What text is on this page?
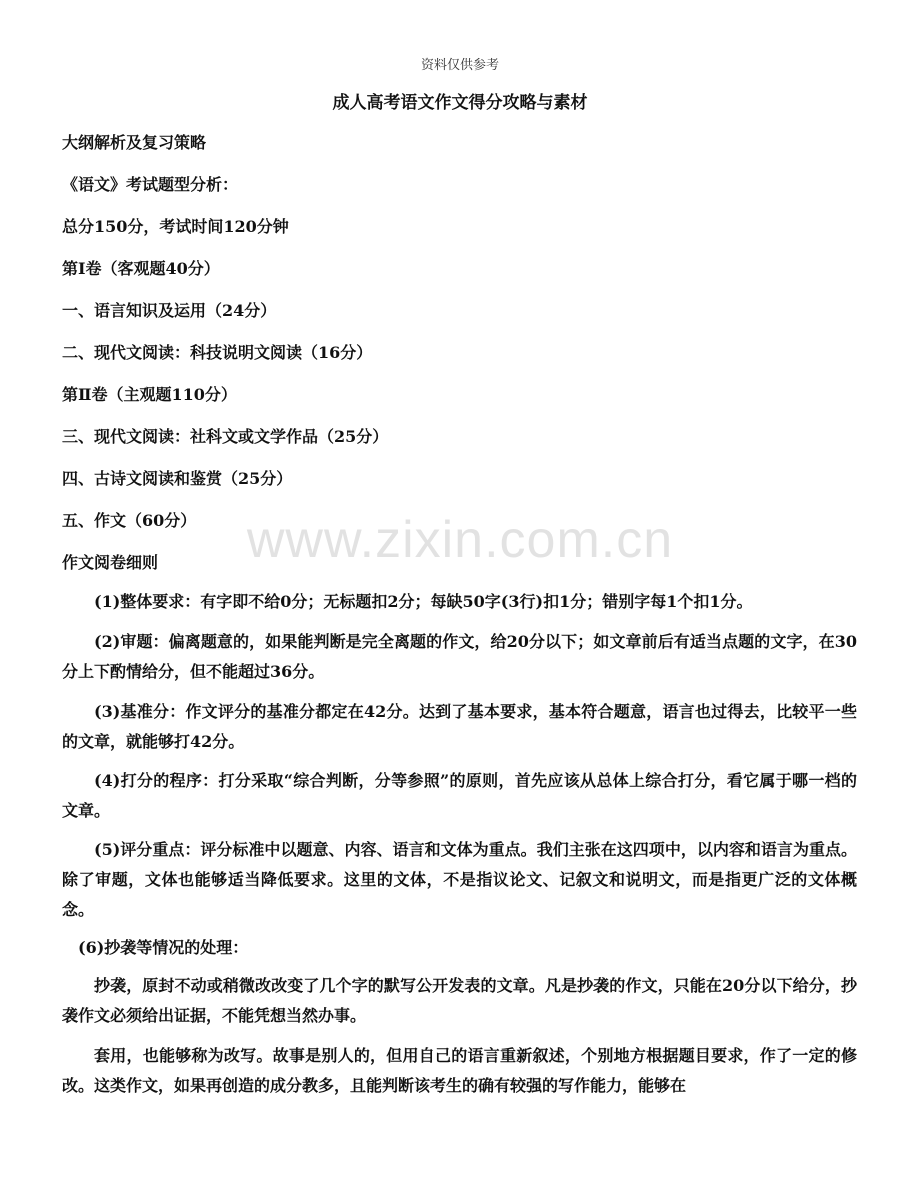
资料仅供参考
成人高考语文作文得分攻略与素材
大纲解析及复习策略
《语文》考试题型分析：
总分150分，考试时间120分钟
第Ⅰ卷（客观题40分）
一、语言知识及运用（24分）
二、现代文阅读：科技说明文阅读（16分）
第Ⅱ卷（主观题110分）
三、现代文阅读：社科文或文学作品（25分）
四、古诗文阅读和鉴赏（25分）
五、作文（60分）
作文阅卷细则
(1)整体要求：有字即不给0分；无标题扣2分；每缺50字(3行)扣1分；错别字每1个扣1分。
(2)审题：偏离题意的，如果能判断是完全离题的作文，给20分以下；如文章前后有适当点题的文字，在30分上下酌情给分，但不能超过36分。
(3)基准分：作文评分的基准分都定在42分。达到了基本要求，基本符合题意，语言也过得去，比较平一些的文章，就能够打42分。
(4)打分的程序：打分采取“综合判断，分等参照”的原则，首先应该从总体上综合打分，看它属于哪一档的文章。
(5)评分重点：评分标准中以题意、内容、语言和文体为重点。我们主张在这四项中，以内容和语言为重点。除了审题，文体也能够适当降低要求。这里的文体，不是指议论文、记叙文和说明文，而是指更广泛的文体概念。
(6)抄袭等情况的处理：
抄袭，原封不动或稍微改改变了几个字的默写公开发表的文章。凡是抄袭的作文，只能在20分以下给分，抄袭作文必须给出证据，不能凭想当然办事。
套用，也能够称为改写。故事是别人的，但用自己的语言重新叙述，个别地方根据题目要求，作了一定的修改。这类作文，如果再创造的成分教多，且能判断该考生的确有较强的写作能力，能够在
www.zixin.com.cn
